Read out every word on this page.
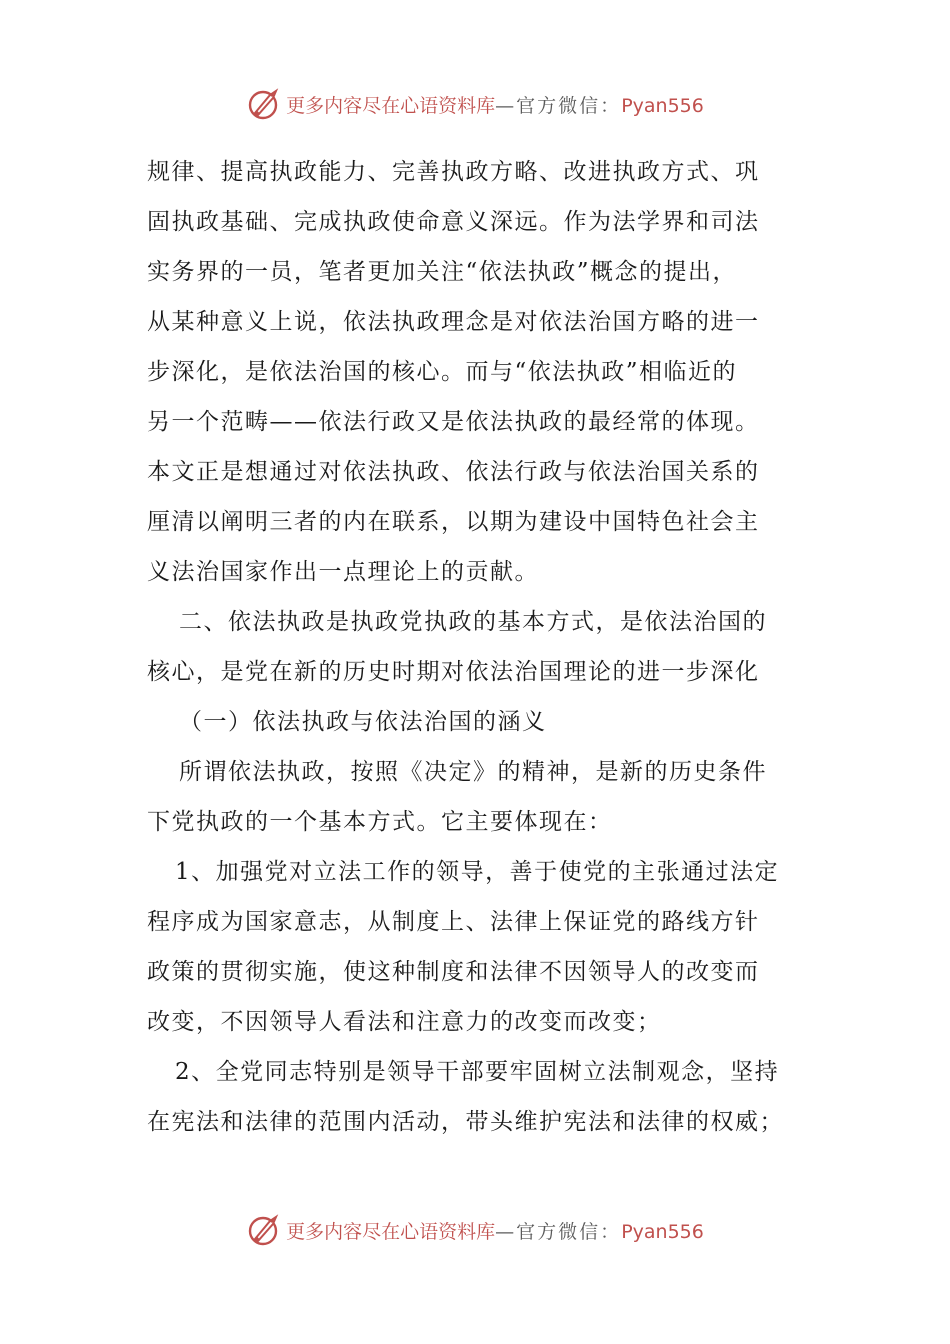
更多内容尽在心语资料库—官方微信：Pyan556
规律、提高执政能力、完善执政方略、改进执政方式、巩
固执政基础、完成执政使命意义深远。作为法学界和司法
实务界的一员，笔者更加关注“依法执政”概念的提出，
从某种意义上说，依法执政理念是对依法治国方略的进一
步深化，是依法治国的核心。而与“依法执政”相临近的
另一个范畴——依法行政又是依法执政的最经常的体现。
本文正是想通过对依法执政、依法行政与依法治国关系的
厘清以阐明三者的内在联系，以期为建设中国特色社会主
义法治国家作出一点理论上的贡献。
二、依法执政是执政党执政的基本方式，是依法治国的
核心，是党在新的历史时期对依法治国理论的进一步深化
（一）依法执政与依法治国的涵义
所谓依法执政，按照《决定》的精神，是新的历史条件
下党执政的一个基本方式。它主要体现在：
1、加强党对立法工作的领导，善于使党的主张通过法定
程序成为国家意志，从制度上、法律上保证党的路线方针
政策的贯彻实施，使这种制度和法律不因领导人的改变而
改变，不因领导人看法和注意力的改变而改变；
2、全党同志特别是领导干部要牢固树立法制观念，坚持
在宪法和法律的范围内活动，带头维护宪法和法律的权威；
更多内容尽在心语资料库—官方微信：Pyan556
